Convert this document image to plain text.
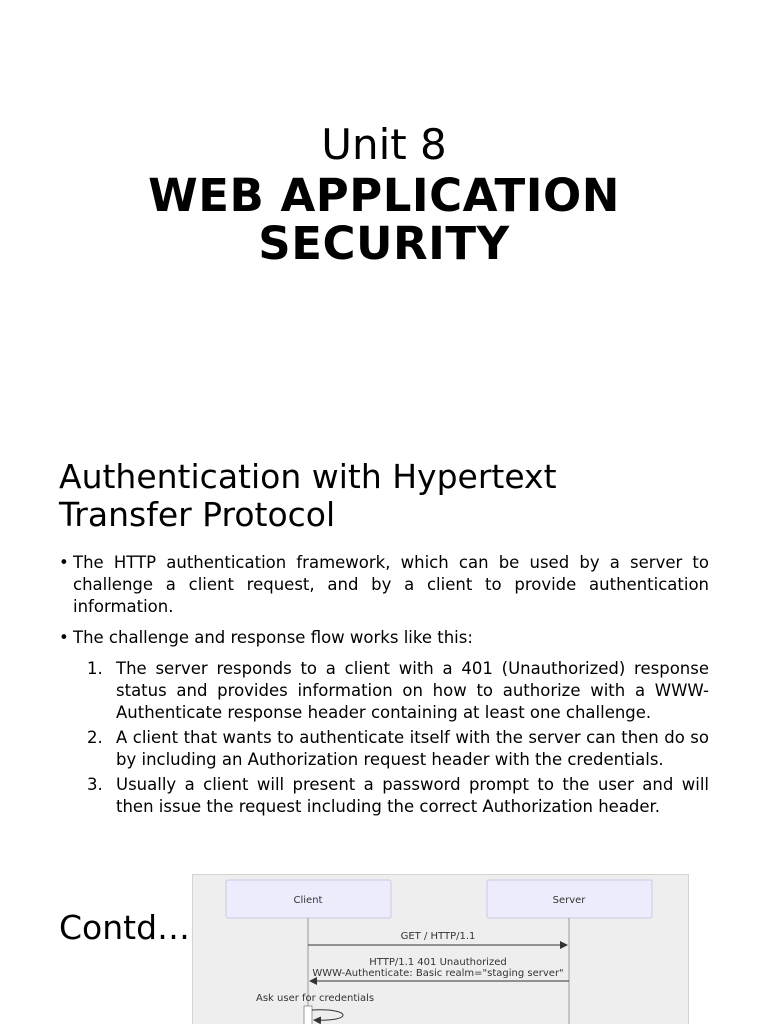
Unit 8
WEB APPLICATION
SECURITY
Authentication with Hypertext
Transfer Protocol
• The HTTP authentication framework, which can be used by a server to challenge a client request, and by a client to provide authentication information.
• The challenge and response flow works like this:
1. The server responds to a client with a 401 (Unauthorized) response status and provides information on how to authorize with a WWW-Authenticate response header containing at least one challenge.
2. A client that wants to authenticate itself with the server can then do so by including an Authorization request header with the credentials.
3. Usually a client will present a password prompt to the user and will then issue the request including the correct Authorization header.
Contd…
Client	Server
GET / HTTP/1.1
HTTP/1.1 401 Unauthorized
WWW-Authenticate: Basic realm="staging server"
Ask user for credentials
